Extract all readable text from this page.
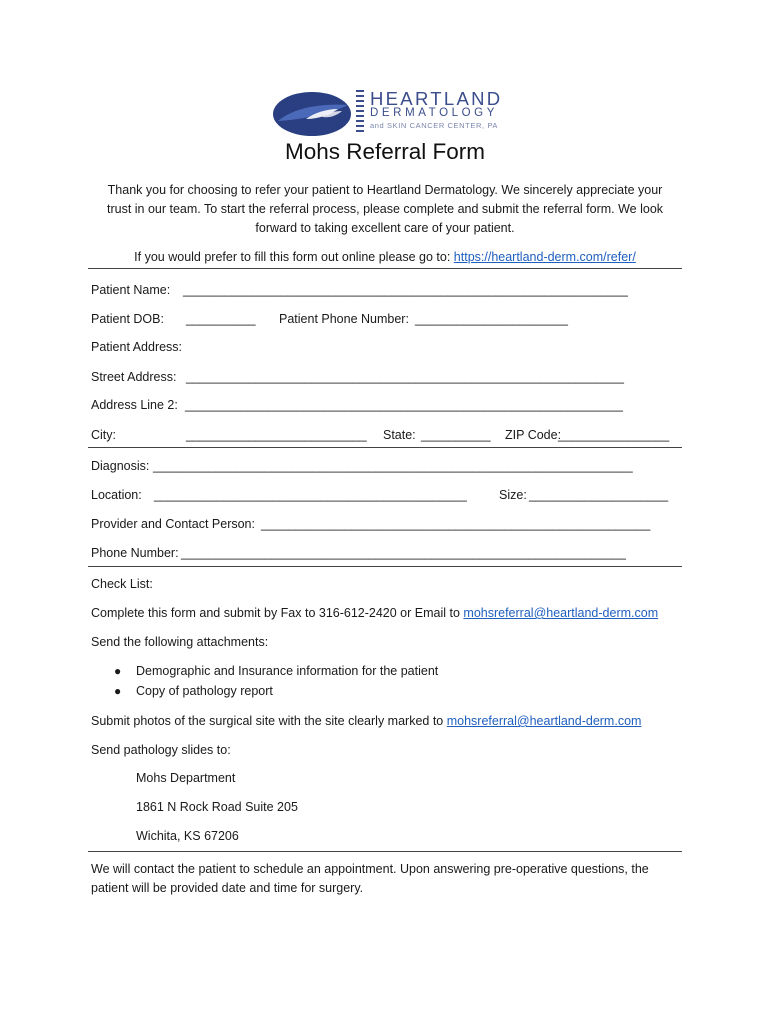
HEARTLAND
DERMATOLOGY
and SKIN CANCER CENTER, PA
Mohs Referral Form
Thank you for choosing to refer your patient to Heartland Dermatology. We sincerely appreciate your
trust in our team. To start the referral process, please complete and submit the referral form. We look
forward to taking excellent care of your patient.
If you would prefer to fill this form out online please go to: https://heartland-derm.com/refer/
Patient Name: ________________________________________________________________
Patient DOB: __________ Patient Phone Number: ______________________
Patient Address:
Street Address: _______________________________________________________________
Address Line 2: _______________________________________________________________
City:	__________________________ State: __________ ZIP Code:
________________
Diagnosis: _____________________________________________________________________
Location: _____________________________________________	Size: ____________________
Provider and Contact Person: ________________________________________________________
Phone Number: ________________________________________________________________
Check List:
Complete this form and submit by Fax to 316-612-2420 or Email to mohsreferral@heartland-derm.com
Send the following attachments:
● Demographic and Insurance information for the patient
● Copy of pathology report
Submit photos of the surgical site with the site clearly marked to mohsreferral@heartland-derm.com
Send pathology slides to:
Mohs Department
1861 N Rock Road Suite 205
Wichita, KS 67206
We will contact the patient to schedule an appointment. Upon answering pre-operative questions, the
patient will be provided date and time for surgery.
